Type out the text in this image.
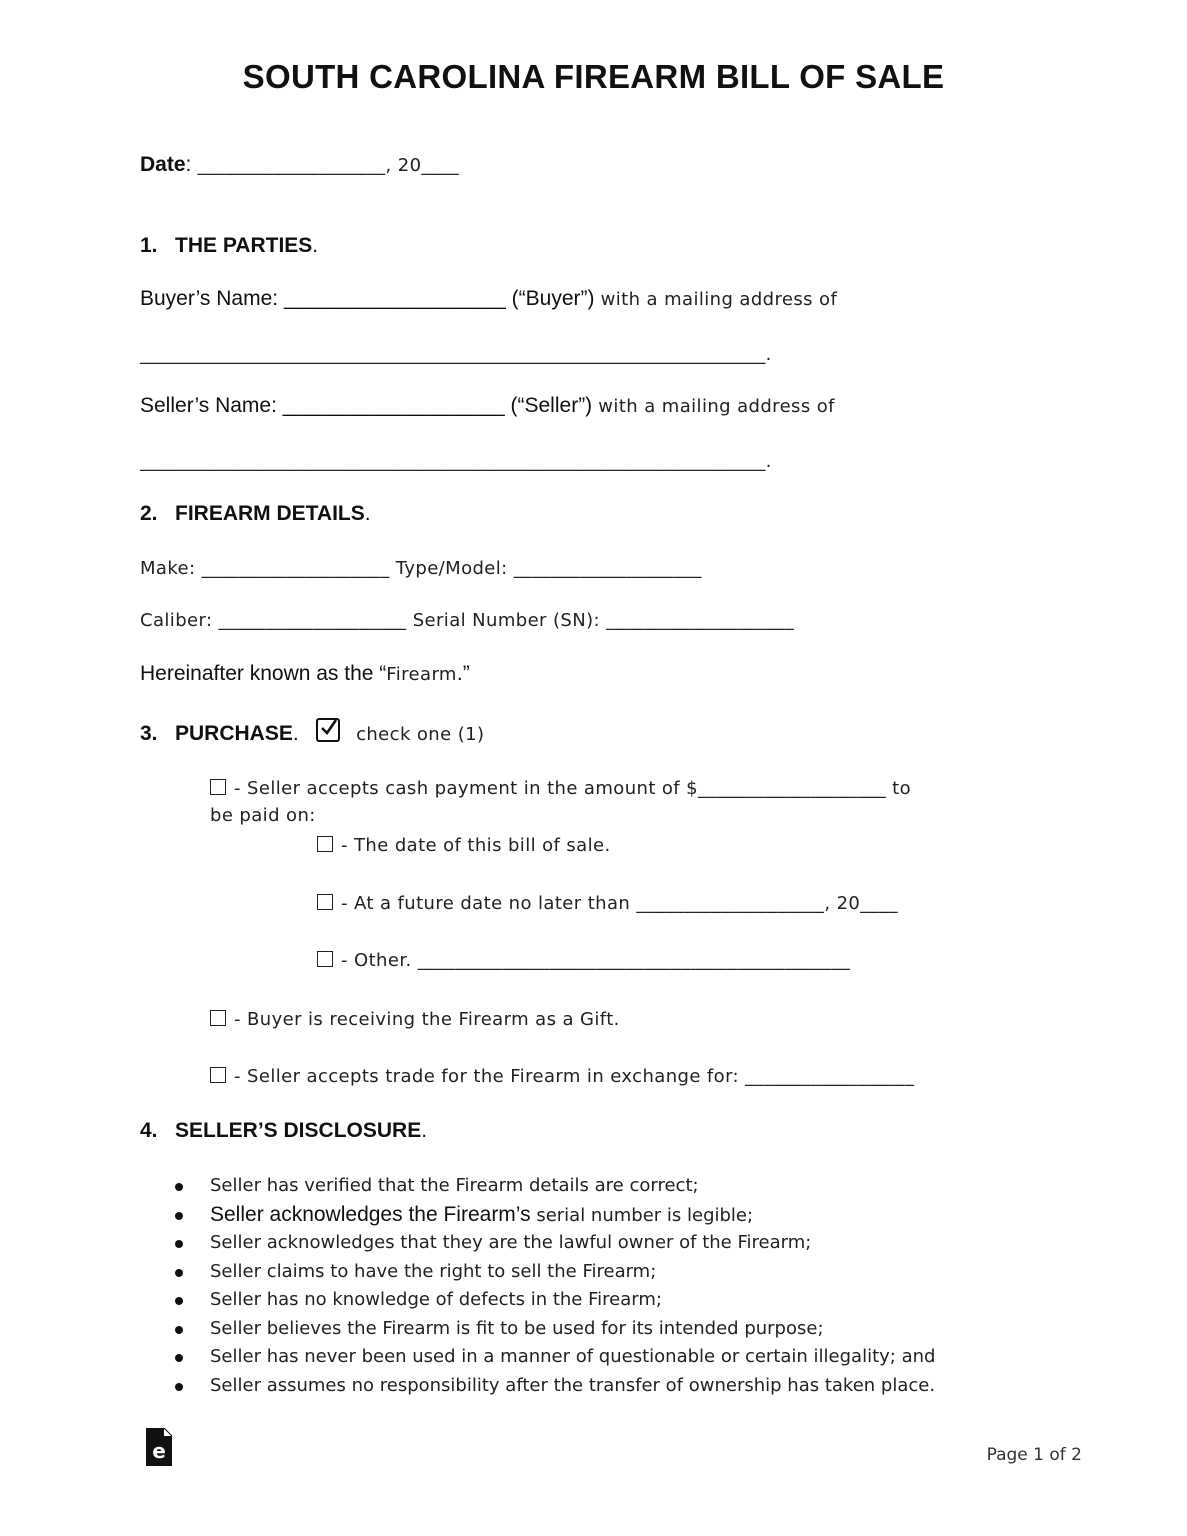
SOUTH CAROLINA FIREARM BILL OF SALE
Date: ____________________, 20____
1. THE PARTIES.
Buyer’s Name: ___________________ (“Buyer”) with a mailing address of
____________________________________________________________________.
Seller’s Name: ___________________ (“Seller”) with a mailing address of
____________________________________________________________________.
2. FIREARM DETAILS.
Make: ____________________ Type/Model: ____________________
Caliber: ____________________ Serial Number (SN): ____________________
Hereinafter known as the “Firearm.”
3. PURCHASE.	check one (1)
- Seller accepts cash payment in the amount of $____________________ to
be paid on:
- The date of this bill of sale.
- At a future date no later than ____________________, 20____
- Other. ______________________________________________
- Buyer is receiving the Firearm as a Gift.
- Seller accepts trade for the Firearm in exchange for: __________________
4. SELLER’S DISCLOSURE.
Seller has verified that the Firearm details are correct;
Seller acknowledges the Firearm’s serial number is legible;
Seller acknowledges that they are the lawful owner of the Firearm;
Seller claims to have the right to sell the Firearm;
Seller has no knowledge of defects in the Firearm;
Seller believes the Firearm is fit to be used for its intended purpose;
Seller has never been used in a manner of questionable or certain illegality; and
Seller assumes no responsibility after the transfer of ownership has taken place.
e	Page 1 of 2
